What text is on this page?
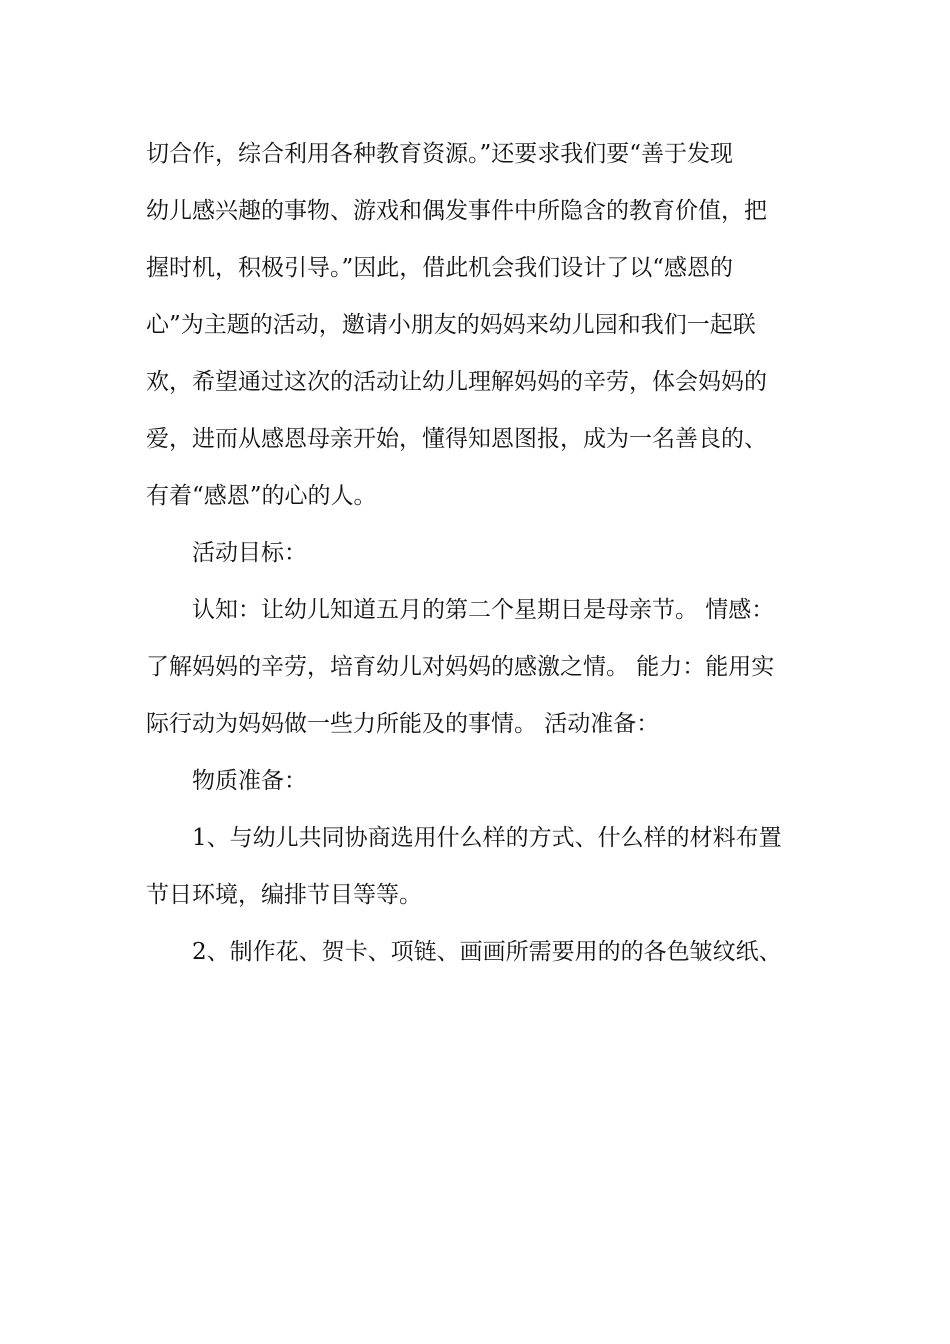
切合作，综合利用各种教育资源。”还要求我们要“善于发现
幼儿感兴趣的事物、游戏和偶发事件中所隐含的教育价值，把
握时机，积极引导。”因此，借此机会我们设计了以“感恩的
心”为主题的活动，邀请小朋友的妈妈来幼儿园和我们一起联
欢，希望通过这次的活动让幼儿理解妈妈的辛劳，体会妈妈的
爱，进而从感恩母亲开始，懂得知恩图报，成为一名善良的、
有着“感恩”的心的人。
活动目标：
认知：让幼儿知道五月的第二个星期日是母亲节。 情感：
了解妈妈的辛劳，培育幼儿对妈妈的感激之情。 能力：能用实
际行动为妈妈做一些力所能及的事情。 活动准备：
物质准备：
1、与幼儿共同协商选用什么样的方式、什么样的材料布置
节日环境，编排节目等等。
2、制作花、贺卡、项链、画画所需要用的的各色皱纹纸、
